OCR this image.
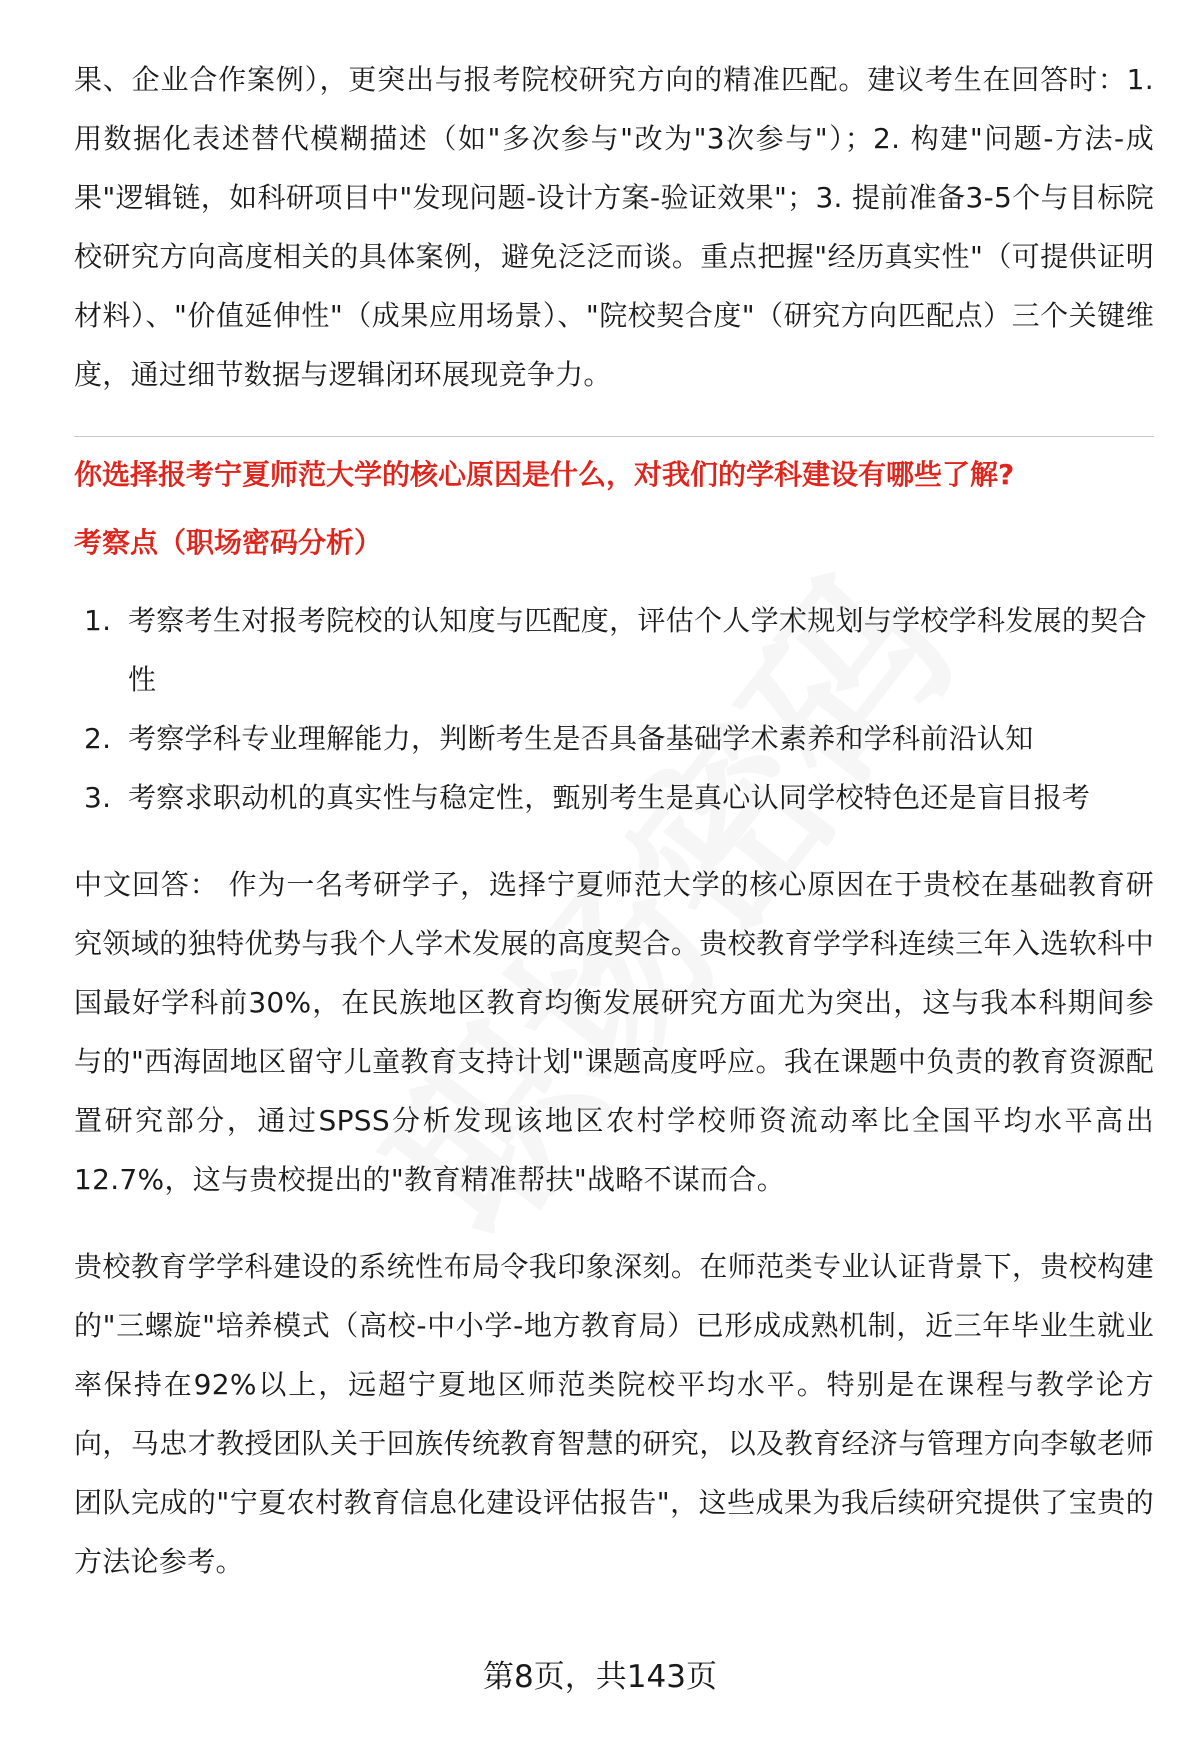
果、企业合作案例），更突出与报考院校研究方向的精准匹配。建议考生在回答时：1. 用数据化表述替代模糊描述（如"多次参与"改为"3次参与"）；2. 构建"问题-方法-成果"逻辑链，如科研项目中"发现问题-设计方案-验证效果"；3. 提前准备3-5个与目标院校研究方向高度相关的具体案例，避免泛泛而谈。重点把握"经历真实性"（可提供证明材料）、"价值延伸性"（成果应用场景）、"院校契合度"（研究方向匹配点）三个关键维度，通过细节数据与逻辑闭环展现竞争力。

你选择报考宁夏师范大学的核心原因是什么，对我们的学科建设有哪些了解?
考察点（职场密码分析）
1. 考察考生对报考院校的认知度与匹配度，评估个人学术规划与学校学科发展的契合性
2. 考察学科专业理解能力，判断考生是否具备基础学术素养和学科前沿认知
3. 考察求职动机的真实性与稳定性，甄别考生是真心认同学校特色还是盲目报考

中文回答： 作为一名考研学子，选择宁夏师范大学的核心原因在于贵校在基础教育研究领域的独特优势与我个人学术发展的高度契合。贵校教育学学科连续三年入选软科中国最好学科前30%，在民族地区教育均衡发展研究方面尤为突出，这与我本科期间参与的"西海固地区留守儿童教育支持计划"课题高度呼应。我在课题中负责的教育资源配置研究部分，通过SPSS分析发现该地区农村学校师资流动率比全国平均水平高出12.7%，这与贵校提出的"教育精准帮扶"战略不谋而合。

贵校教育学学科建设的系统性布局令我印象深刻。在师范类专业认证背景下，贵校构建的"三螺旋"培养模式（高校-中小学-地方教育局）已形成成熟机制，近三年毕业生就业率保持在92%以上，远超宁夏地区师范类院校平均水平。特别是在课程与教学论方向，马忠才教授团队关于回族传统教育智慧的研究，以及教育经济与管理方向李敏老师团队完成的"宁夏农村教育信息化建设评估报告"，这些成果为我后续研究提供了宝贵的方法论参考。

第8页，共143页
